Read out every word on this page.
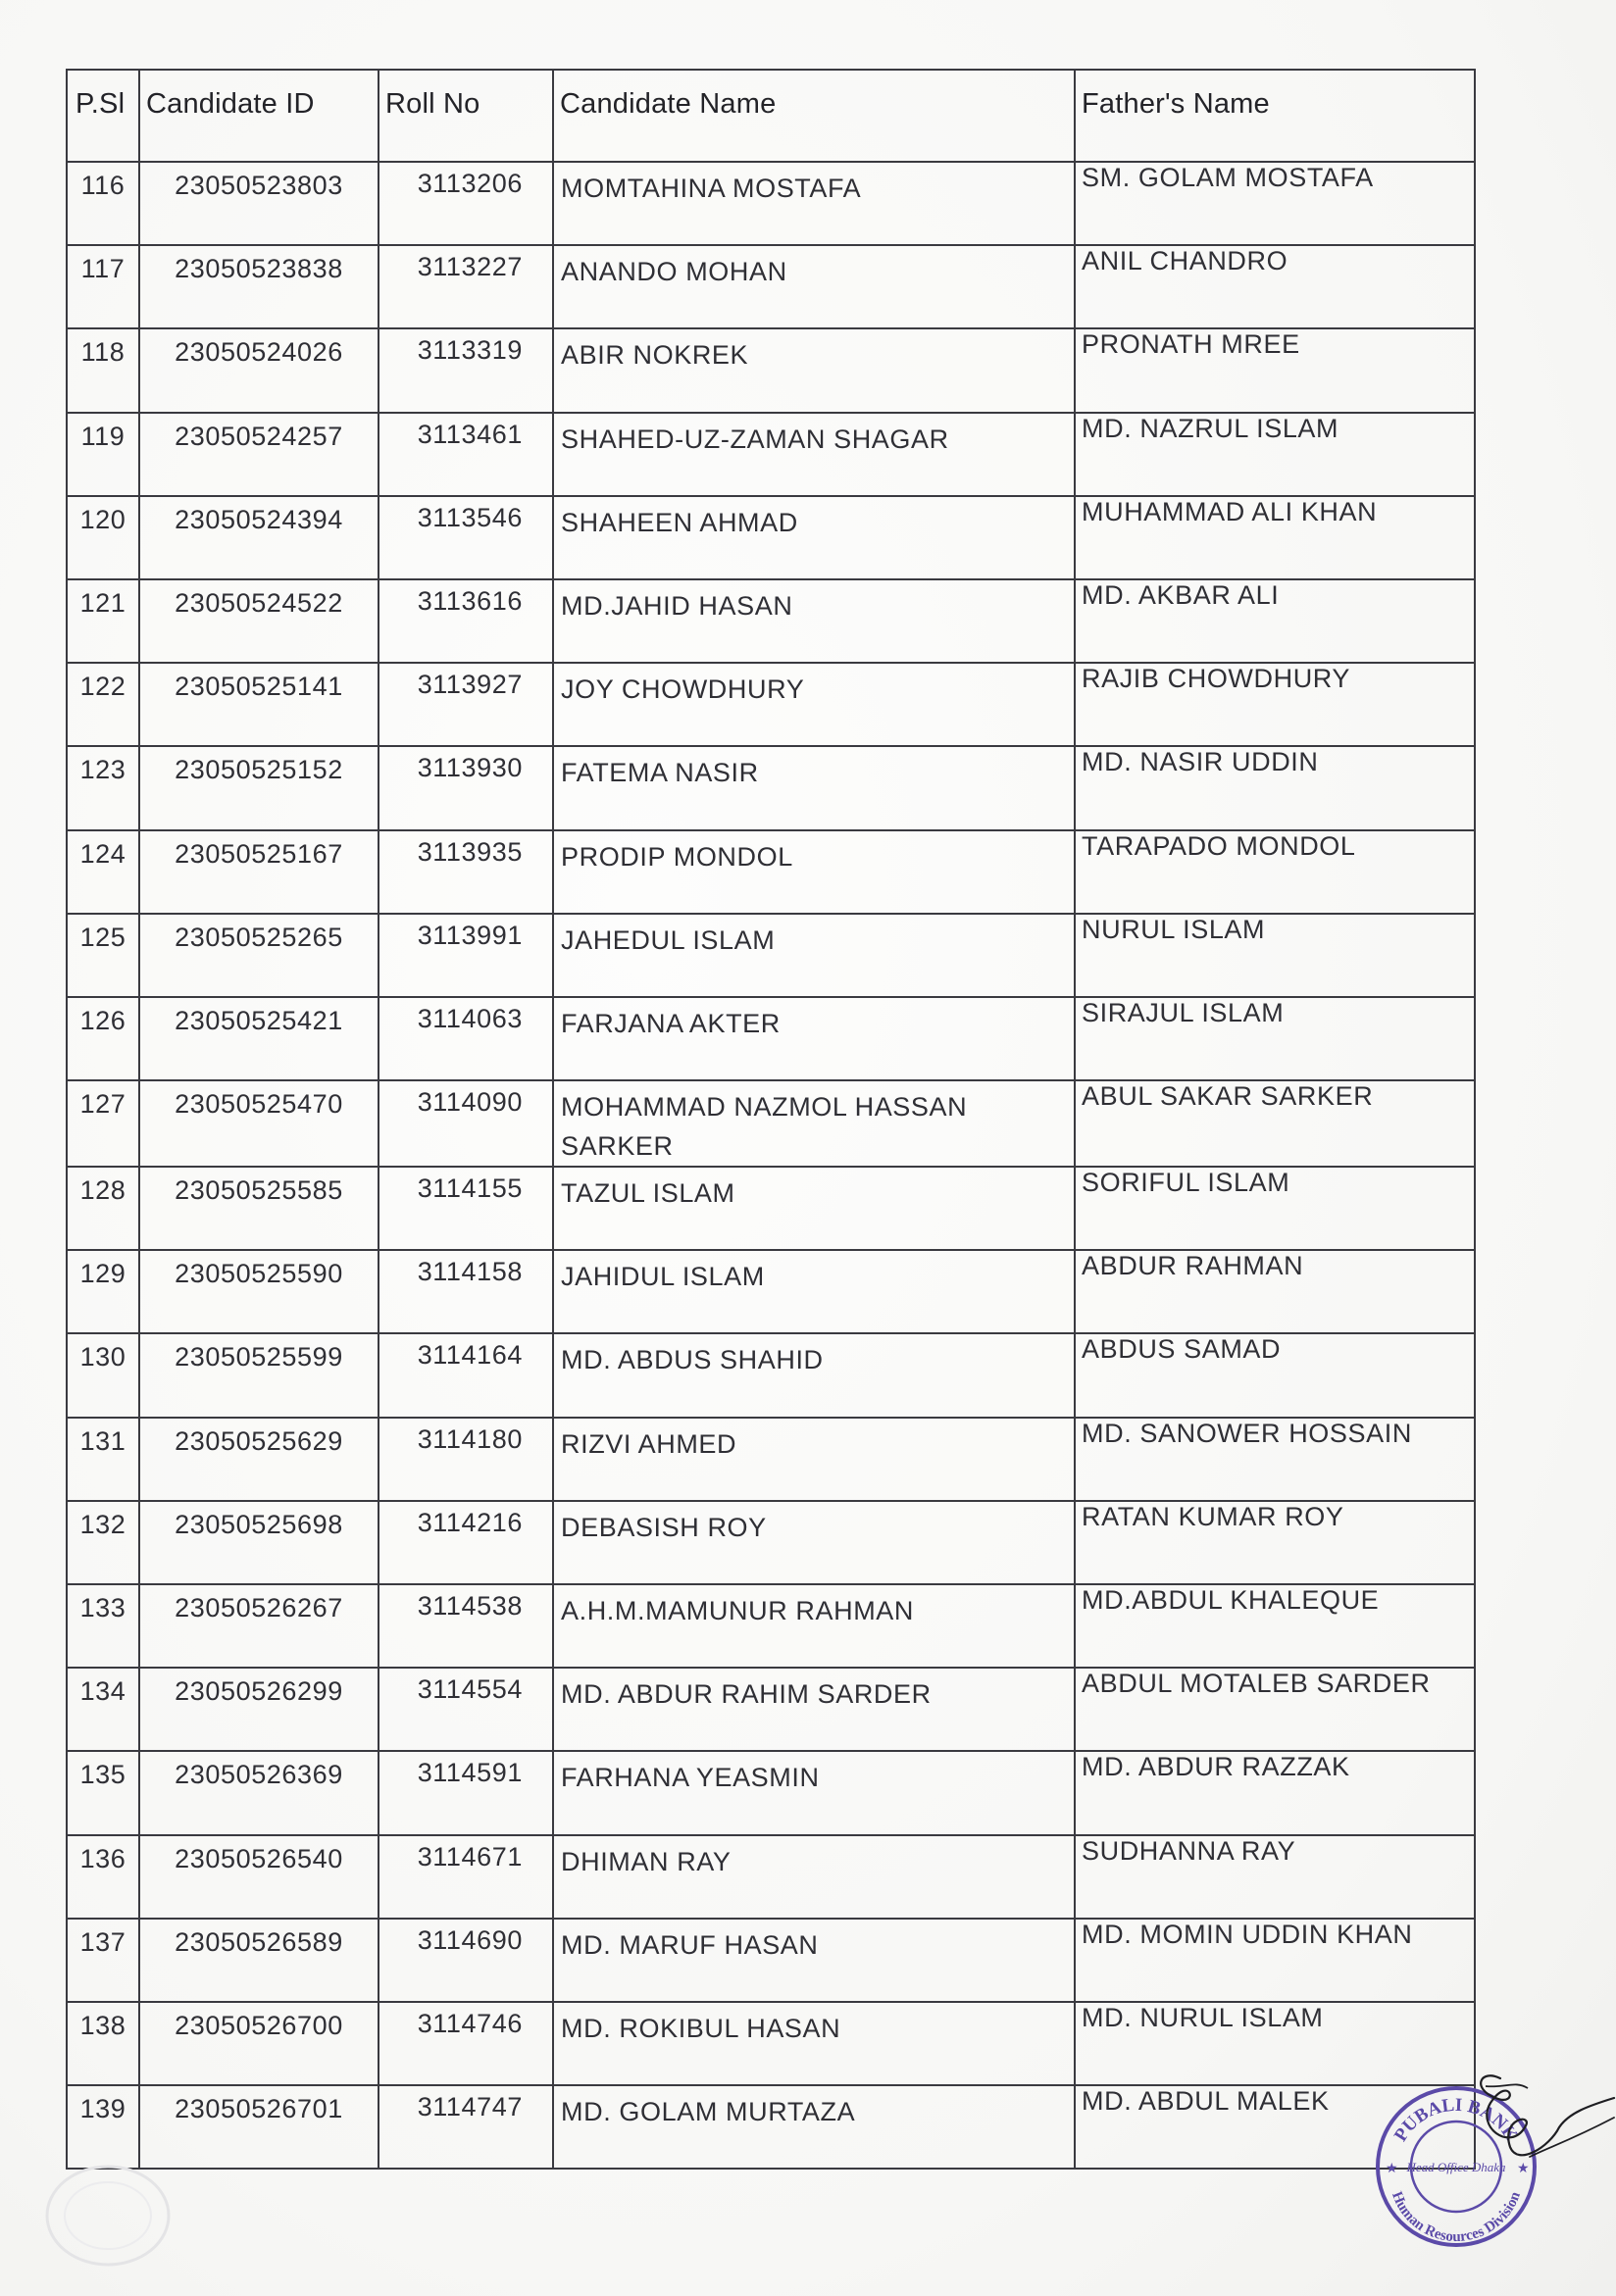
P.Sl	Candidate ID	Roll No	Candidate Name	Father's Name
116	23050523803	3113206	MOMTAHINA MOSTAFA	SM. GOLAM MOSTAFA
117	23050523838	3113227	ANANDO MOHAN	ANIL CHANDRO
118	23050524026	3113319	ABIR NOKREK	PRONATH MREE
119	23050524257	3113461	SHAHED-UZ-ZAMAN SHAGAR	MD. NAZRUL ISLAM
120	23050524394	3113546	SHAHEEN AHMAD	MUHAMMAD ALI KHAN
121	23050524522	3113616	MD.JAHID HASAN	MD. AKBAR ALI
122	23050525141	3113927	JOY CHOWDHURY	RAJIB CHOWDHURY
123	23050525152	3113930	FATEMA NASIR	MD. NASIR UDDIN
124	23050525167	3113935	PRODIP MONDOL	TARAPADO MONDOL
125	23050525265	3113991	JAHEDUL ISLAM	NURUL ISLAM
126	23050525421	3114063	FARJANA AKTER	SIRAJUL ISLAM
127	23050525470	3114090	MOHAMMAD NAZMOL HASSAN SARKER	ABUL SAKAR SARKER
128	23050525585	3114155	TAZUL ISLAM	SORIFUL ISLAM
129	23050525590	3114158	JAHIDUL ISLAM	ABDUR RAHMAN
130	23050525599	3114164	MD. ABDUS SHAHID	ABDUS SAMAD
131	23050525629	3114180	RIZVI AHMED	MD. SANOWER HOSSAIN
132	23050525698	3114216	DEBASISH ROY	RATAN KUMAR ROY
133	23050526267	3114538	A.H.M.MAMUNUR RAHMAN	MD.ABDUL KHALEQUE
134	23050526299	3114554	MD. ABDUR RAHIM SARDER	ABDUL MOTALEB SARDER
135	23050526369	3114591	FARHANA YEASMIN	MD. ABDUR RAZZAK
136	23050526540	3114671	DHIMAN RAY	SUDHANNA RAY
137	23050526589	3114690	MD. MARUF HASAN	MD. MOMIN UDDIN KHAN
138	23050526700	3114746	MD. ROKIBUL HASAN	MD. NURUL ISLAM
139	23050526701	3114747	MD. GOLAM MURTAZA	MD. ABDUL MALEK
PUBALI BANK
Human Resources Division
Head Office Dhaka
★	★
